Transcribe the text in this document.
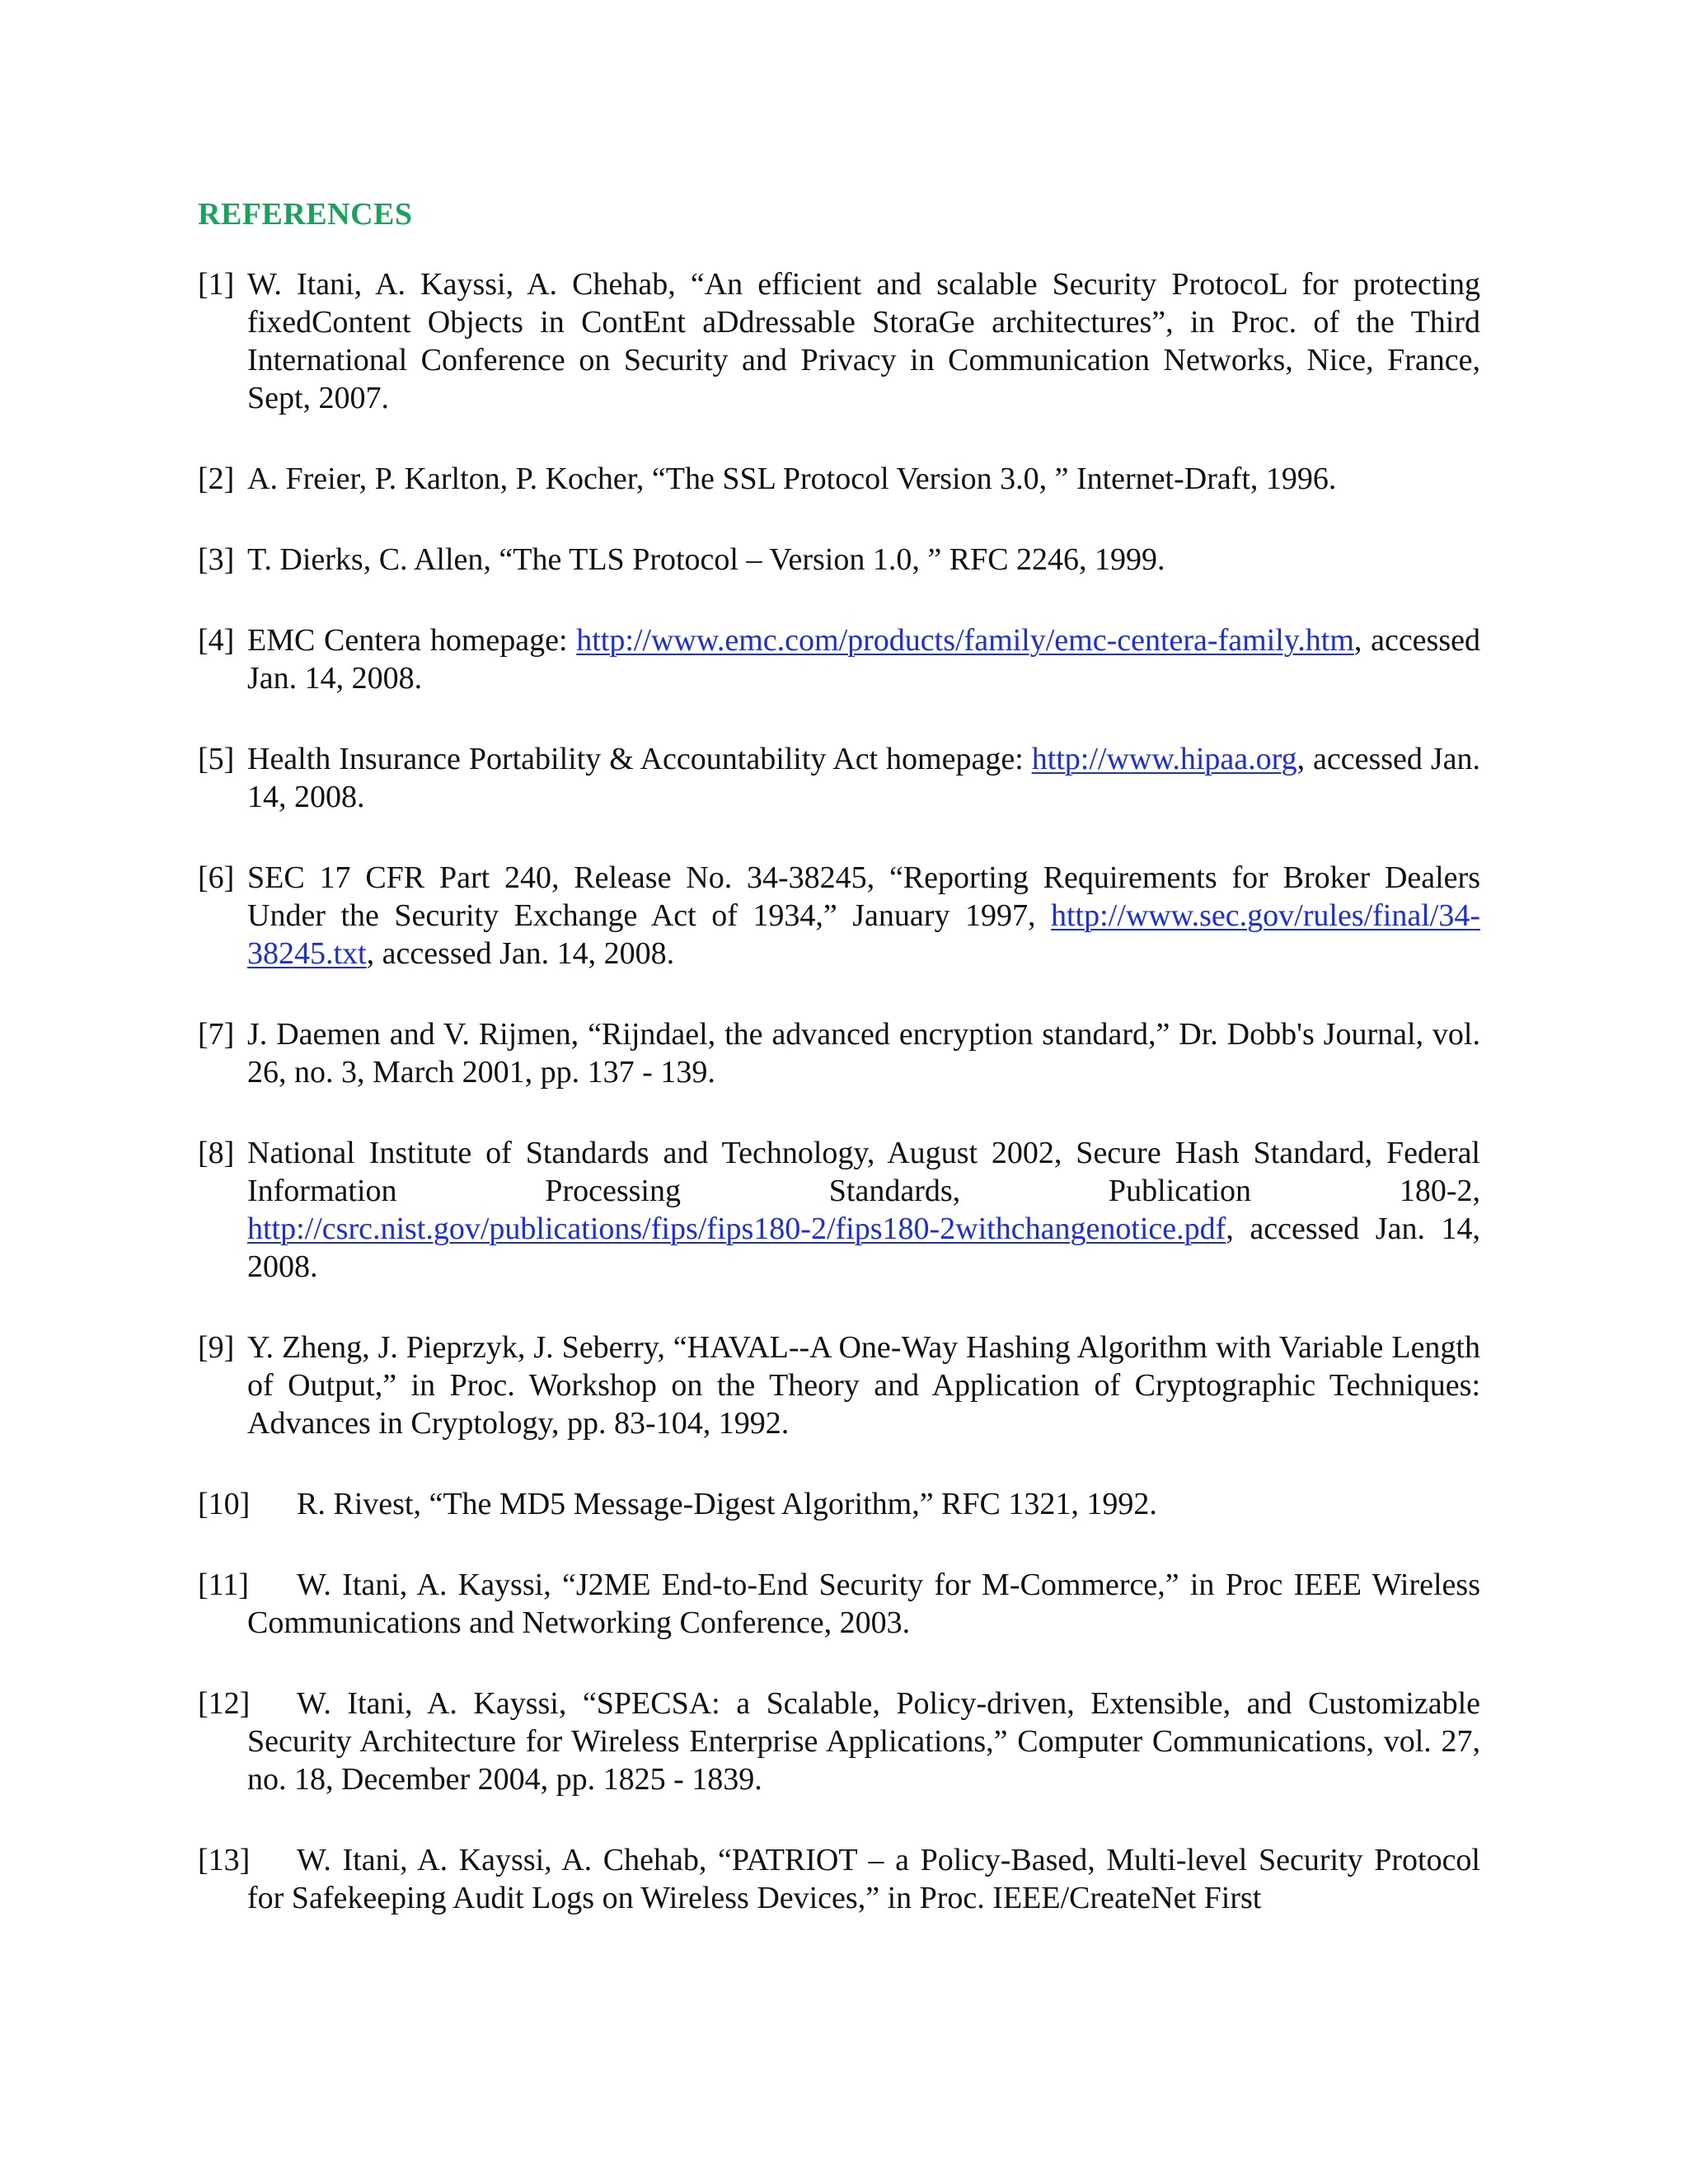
REFERENCES
[1] W. Itani, A. Kayssi, A. Chehab, “An efficient and scalable Security ProtocoL for protecting fixedContent Objects in ContEnt aDdressable StoraGe architectures”, in Proc. of the Third International Conference on Security and Privacy in Communication Networks, Nice, France, Sept, 2007.
[2] A. Freier, P. Karlton, P. Kocher, “The SSL Protocol Version 3.0, ” Internet-Draft, 1996.
[3] T. Dierks, C. Allen, “The TLS Protocol – Version 1.0, ” RFC 2246, 1999.
[4] EMC Centera homepage: http://www.emc.com/products/family/emc-centera-family.htm, accessed Jan. 14, 2008.
[5] Health Insurance Portability & Accountability Act homepage: http://www.hipaa.org, accessed Jan. 14, 2008.
[6] SEC 17 CFR Part 240, Release No. 34-38245, “Reporting Requirements for Broker Dealers Under the Security Exchange Act of 1934,” January 1997, http://www.sec.gov/rules/final/34-38245.txt, accessed Jan. 14, 2008.
[7] J. Daemen and V. Rijmen, “Rijndael, the advanced encryption standard,” Dr. Dobb's Journal, vol. 26, no. 3, March 2001, pp. 137 - 139.
[8] National Institute of Standards and Technology, August 2002, Secure Hash Standard, Federal Information Processing Standards, Publication 180-2, http://csrc.nist.gov/publications/fips/fips180-2/fips180-2withchangenotice.pdf, accessed Jan. 14, 2008.
[9] Y. Zheng, J. Pieprzyk, J. Seberry, “HAVAL--A One-Way Hashing Algorithm with Variable Length of Output,” in Proc. Workshop on the Theory and Application of Cryptographic Techniques: Advances in Cryptology, pp. 83-104, 1992.
[10] R. Rivest, “The MD5 Message-Digest Algorithm,” RFC 1321, 1992.
[11] W. Itani, A. Kayssi, “J2ME End-to-End Security for M-Commerce,” in Proc IEEE Wireless Communications and Networking Conference, 2003.
[12] W. Itani, A. Kayssi, “SPECSA: a Scalable, Policy-driven, Extensible, and Customizable Security Architecture for Wireless Enterprise Applications,” Computer Communications, vol. 27, no. 18, December 2004, pp. 1825 - 1839.
[13] W. Itani, A. Kayssi, A. Chehab, “PATRIOT – a Policy-Based, Multi-level Security Protocol for Safekeeping Audit Logs on Wireless Devices,” in Proc. IEEE/CreateNet First
